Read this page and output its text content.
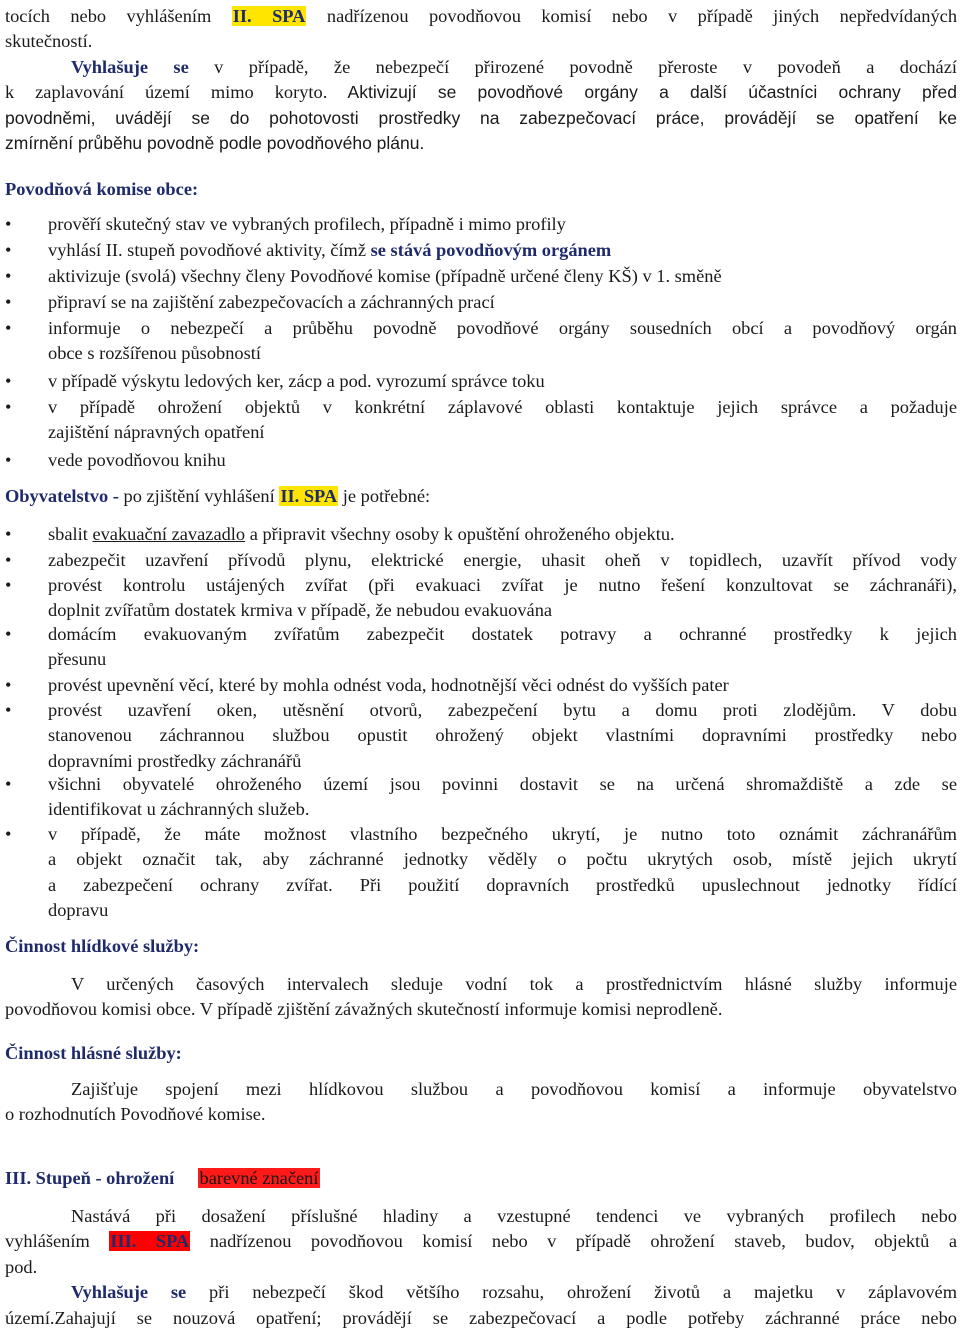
tocích nebo vyhlášením II. SPA nadřízenou povodňovou komisí nebo v případě jiných nepředvídaných
skutečností.
Vyhlašuje se v případě, že nebezpečí přirozené povodně přeroste v povodeň a dochází
k zaplavování území mimo koryto. Aktivizují se povodňové orgány a další účastníci ochrany před
povodněmi, uvádějí se do pohotovosti prostředky na zabezpečovací práce, provádějí se opatření ke
zmírnění průběhu povodně podle povodňového plánu.
Povodňová komise obce:
•	prověří skutečný stav ve vybraných profilech, případně i mimo profily
•	vyhlásí II. stupeň povodňové aktivity, čímž se stává povodňovým orgánem
•	aktivizuje (svolá) všechny členy Povodňové komise (případně určené členy KŠ) v 1. směně
•	připraví se na zajištění zabezpečovacích a záchranných prací
•	informuje o nebezpečí a průběhu povodně povodňové orgány sousedních obcí a povodňový orgán
obce s rozšířenou působností
•	v případě výskytu ledových ker, zácp a pod. vyrozumí správce toku
•	v případě ohrožení objektů v konkrétní záplavové oblasti kontaktuje jejich správce a požaduje
zajištění nápravných opatření
•	vede povodňovou knihu
Obyvatelstvo - po zjištění vyhlášení II. SPA je potřebné:
•	sbalit evakuační zavazadlo a připravit všechny osoby k opuštění ohroženého objektu.
•	zabezpečit uzavření přívodů plynu, elektrické energie, uhasit oheň v topidlech, uzavřít přívod vody
•	provést kontrolu ustájených zvířat (při evakuaci zvířat je nutno řešení konzultovat se záchranáři),
doplnit zvířatům dostatek krmiva v případě, že nebudou evakuována
•	domácím evakuovaným zvířatům zabezpečit dostatek potravy a ochranné prostředky k jejich
přesunu
•	provést upevnění věcí, které by mohla odnést voda, hodnotnější věci odnést do vyšších pater
•	provést uzavření oken, utěsnění otvorů, zabezpečení bytu a domu proti zlodějům. V dobu
stanovenou záchrannou službou opustit ohrožený objekt vlastními dopravními prostředky nebo
dopravními prostředky záchranářů
•	všichni obyvatelé ohroženého území jsou povinni dostavit se na určená shromaždiště a zde se
identifikovat u záchranných služeb.
•	v případě, že máte možnost vlastního bezpečného ukrytí, je nutno toto oznámit záchranářům
a objekt označit tak, aby záchranné jednotky věděly o počtu ukrytých osob, místě jejich ukrytí
a zabezpečení ochrany zvířat. Při použití dopravních prostředků upuslechnout jednotky řídící
dopravu
Činnost hlídkové služby:
V určených časových intervalech sleduje vodní tok a prostřednictvím hlásné služby informuje
povodňovou komisi obce. V případě zjištění závažných skutečností informuje komisi neprodleně.
Činnost hlásné služby:
Zajišťuje spojení mezi hlídkovou službou a povodňovou komisí a informuje obyvatelstvo
o rozhodnutích Povodňové komise.
III. Stupeň - ohrožení barevné značení
Nastává při dosažení příslušné hladiny a vzestupné tendenci ve vybraných profilech nebo
vyhlášením III. SPA nadřízenou povodňovou komisí nebo v případě ohrožení staveb, budov, objektů a
pod.
Vyhlašuje se při nebezpečí škod většího rozsahu, ohrožení životů a majetku v záplavovém
území.Zahajují se nouzová opatření; provádějí se zabezpečovací a podle potřeby záchranné práce nebo
